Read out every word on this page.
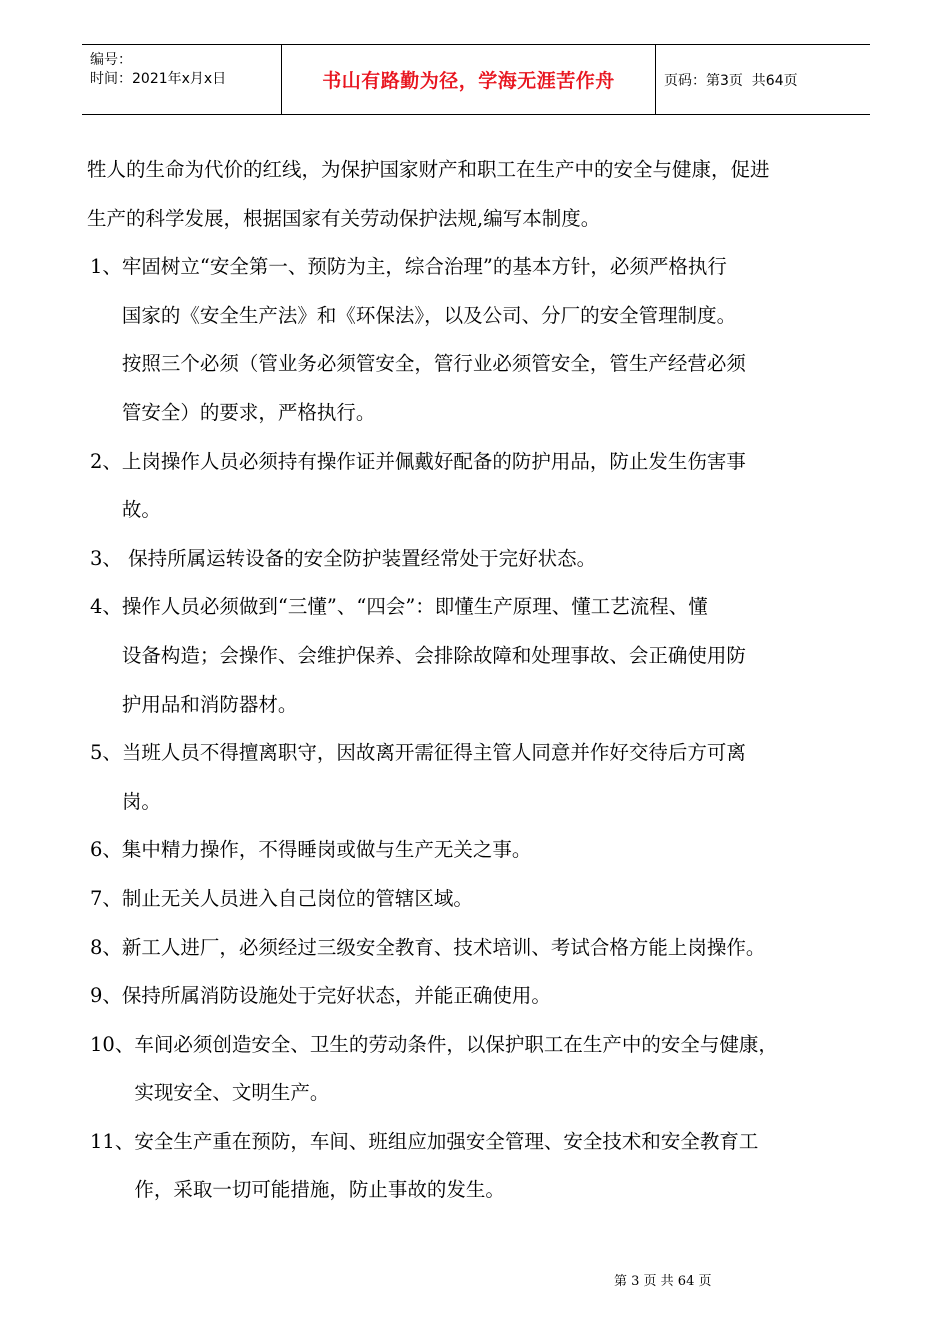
编号：
时间：2021年x月x日	书山有路勤为径，学海无涯苦作舟	页码：第3页  共64页

牲人的生命为代价的红线，为保护国家财产和职工在生产中的安全与健康，促进

生产的科学发展，根据国家有关劳动保护法规,编写本制度。

1、 牢固树立“安全第一、预防为主，综合治理”的基本方针，必须严格执行
国家的《安全生产法》和《环保法》，以及公司、分厂的安全管理制度。
按照三个必须（管业务必须管安全，管行业必须管安全，管生产经营必须
管安全）的要求，严格执行。
2、 上岗操作人员必须持有操作证并佩戴好配备的防护用品，防止发生伤害事
故。
3、 保持所属运转设备的安全防护装置经常处于完好状态。
4、 操作人员必须做到“三懂”、“四会”：即懂生产原理、懂工艺流程、懂
设备构造；会操作、会维护保养、会排除故障和处理事故、会正确使用防
护用品和消防器材。
5、 当班人员不得擅离职守，因故离开需征得主管人同意并作好交待后方可离
岗。
6、 集中精力操作，不得睡岗或做与生产无关之事。
7、 制止无关人员进入自己岗位的管辖区域。
8、 新工人进厂，必须经过三级安全教育、技术培训、考试合格方能上岗操作。
9、 保持所属消防设施处于完好状态，并能正确使用。
10、 车间必须创造安全、卫生的劳动条件，以保护职工在生产中的安全与健康，
实现安全、文明生产。
11、 安全生产重在预防，车间、班组应加强安全管理、安全技术和安全教育工
作，采取一切可能措施，防止事故的发生。
第 3 页 共 64 页
